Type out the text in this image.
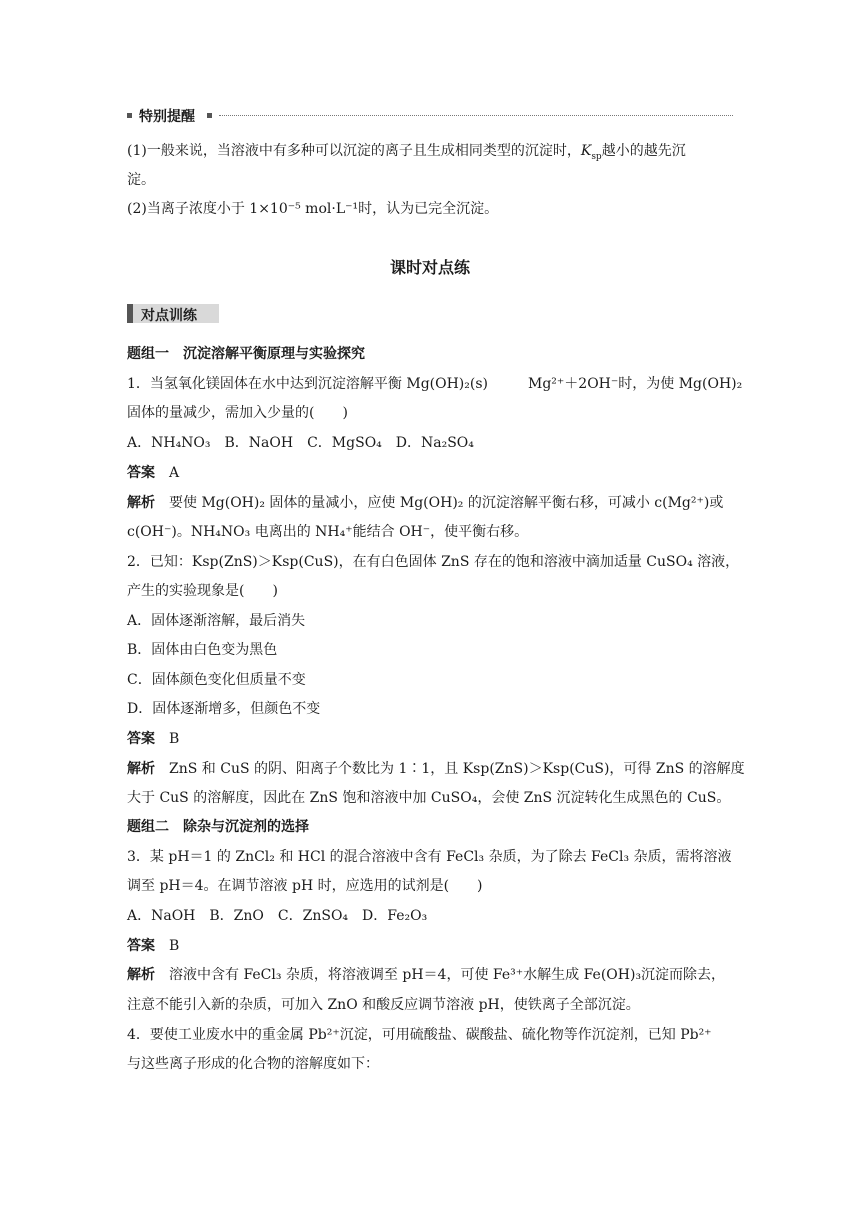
特别提醒
(1)一般来说，当溶液中有多种可以沉淀的离子且生成相同类型的沉淀时，$K_{sp}$越小的越先沉
淀。
(2)当离子浓度小于 1×10⁻⁵ mol·L⁻¹时，认为已完全沉淀。
课时对点练
对点训练
题组一　沉淀溶解平衡原理与实验探究
1．当氢氧化镁固体在水中达到沉淀溶解平衡 Mg(OH)₂(s)	Mg²⁺＋2OH⁻时，为使 Mg(OH)₂
固体的量减少，需加入少量的(　　)
A．NH₄NO₃　B．NaOH　C．MgSO₄　D．Na₂SO₄
答案 A
解析 要使 Mg(OH)₂ 固体的量减小，应使 Mg(OH)₂ 的沉淀溶解平衡右移，可减小 c(Mg²⁺)或
c(OH⁻)。NH₄NO₃ 电离出的 NH₄⁺能结合 OH⁻，使平衡右移。
2．已知：Ksp(ZnS)＞Ksp(CuS)，在有白色固体 ZnS 存在的饱和溶液中滴加适量 CuSO₄ 溶液，
产生的实验现象是(　　)
A．固体逐渐溶解，最后消失
B．固体由白色变为黑色
C．固体颜色变化但质量不变
D．固体逐渐增多，但颜色不变
答案 B
解析 ZnS 和 CuS 的阴、阳离子个数比为 1∶1，且 Ksp(ZnS)＞Ksp(CuS)，可得 ZnS 的溶解度
大于 CuS 的溶解度，因此在 ZnS 饱和溶液中加 CuSO₄，会使 ZnS 沉淀转化生成黑色的 CuS。
题组二　除杂与沉淀剂的选择
3．某 pH＝1 的 ZnCl₂ 和 HCl 的混合溶液中含有 FeCl₃ 杂质，为了除去 FeCl₃ 杂质，需将溶液
调至 pH＝4。在调节溶液 pH 时，应选用的试剂是(　　)
A．NaOH　B．ZnO　C．ZnSO₄　D．Fe₂O₃
答案 B
解析 溶液中含有 FeCl₃ 杂质，将溶液调至 pH＝4，可使 Fe³⁺水解生成 Fe(OH)₃沉淀而除去，
注意不能引入新的杂质，可加入 ZnO 和酸反应调节溶液 pH，使铁离子全部沉淀。
4．要使工业废水中的重金属 Pb²⁺沉淀，可用硫酸盐、碳酸盐、硫化物等作沉淀剂，已知 Pb²⁺
与这些离子形成的化合物的溶解度如下：
